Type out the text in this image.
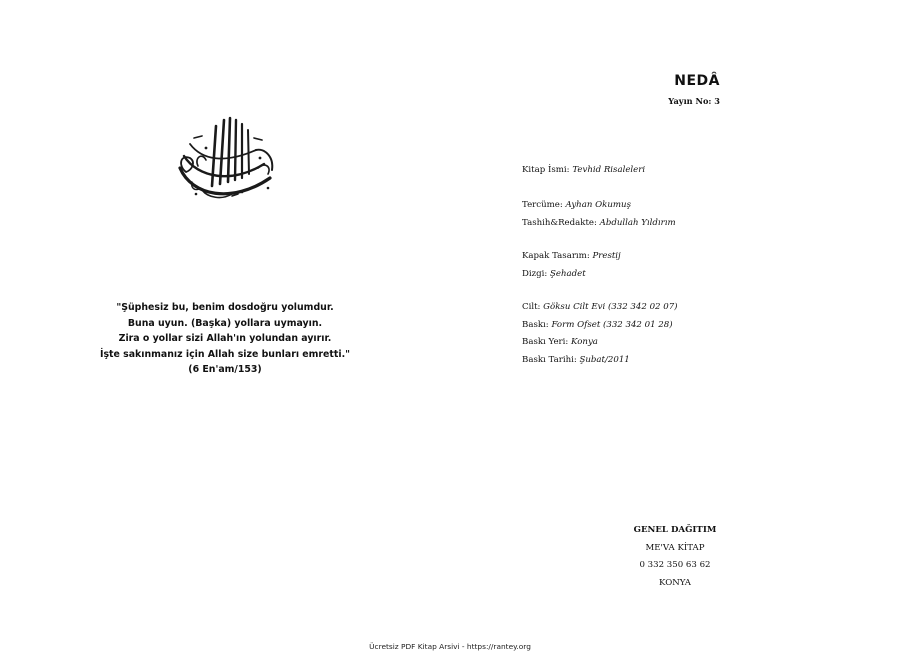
"Şüphesiz bu, benim dosdoğru yolumdur.
Buna uyun. (Başka) yollara uymayın.
Zira o yollar sizi Allah'ın yolundan ayırır.
İşte sakınmanız için Allah size bunları emretti."
(6 En'am/153)
NEDÂ
Yayın No: 3
Kitap İsmi: Tevhid Risaleleri
Tercüme: Ayhan Okumuş
Tashih&Redakte: Abdullah Yıldırım
Kapak Tasarım: Prestij
Dizgi: Şehadet
Cilt: Göksu Cilt Evi (332 342 02 07)
Baskı: Form Ofset (332 342 01 28)
Baskı Yeri: Konya
Baskı Tarihi: Şubat/2011
GENEL DAĞITIM
ME'VA KİTAP
0 332 350 63 62
KONYA
Ücretsiz PDF Kitap Arsivi - https://rantey.org
